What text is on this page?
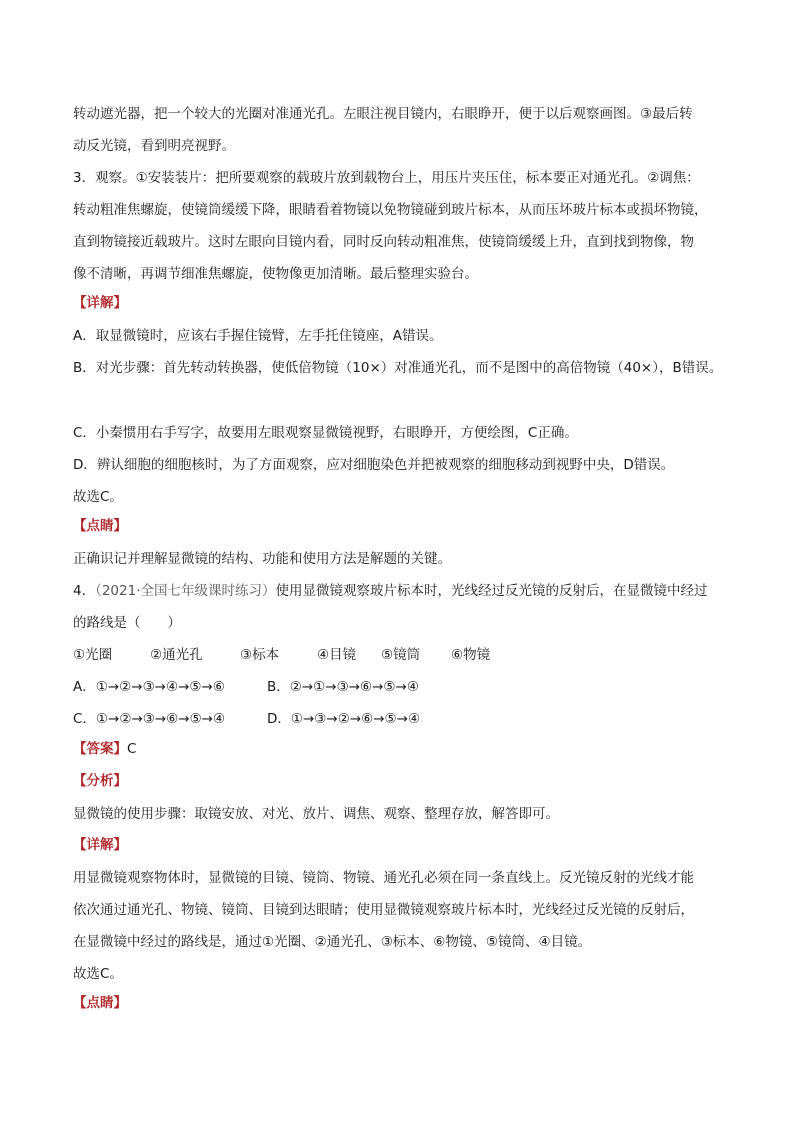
转动遮光器，把一个较大的光圈对准通光孔。左眼注视目镜内，右眼睁开，便于以后观察画图。③最后转
动反光镜，看到明亮视野。
3．观察。①安装装片：把所要观察的载玻片放到载物台上，用压片夹压住，标本要正对通光孔。②调焦：
转动粗准焦螺旋，使镜筒缓缓下降，眼睛看着物镜以免物镜碰到玻片标本，从而压坏玻片标本或损坏物镜，
直到物镜接近载玻片。这时左眼向目镜内看，同时反向转动粗准焦，使镜筒缓缓上升，直到找到物像，物
像不清晰，再调节细准焦螺旋，使物像更加清晰。最后整理实验台。
【详解】
A．取显微镜时，应该右手握住镜臂，左手托住镜座，A错误。
B．对光步骤：首先转动转换器，使低倍物镜（10×）对准通光孔，而不是图中的高倍物镜（40×），B错误。
C．小秦惯用右手写字，故要用左眼观察显微镜视野，右眼睁开，方便绘图，C正确。
D．辨认细胞的细胞核时，为了方面观察，应对细胞染色并把被观察的细胞移动到视野中央，D错误。
故选C。
【点睛】
正确识记并理解显微镜的结构、功能和使用方法是解题的关键。
4．（2021·全国七年级课时练习）使用显微镜观察玻片标本时，光线经过反光镜的反射后，在显微镜中经过
的路线是（　　）
①光圈	②通光孔	③标本	④目镜 ⑤镜筒 ⑥物镜
A．①→②→③→④→⑤→⑥	B．②→①→③→⑥→⑤→④
C．①→②→③→⑥→⑤→④	D．①→③→②→⑥→⑤→④
【答案】C
【分析】
显微镜的使用步骤：取镜安放、对光、放片、调焦、观察、整理存放，解答即可。
【详解】
用显微镜观察物体时，显微镜的目镜、镜筒、物镜、通光孔必须在同一条直线上。反光镜反射的光线才能
依次通过通光孔、物镜、镜筒、目镜到达眼睛；使用显微镜观察玻片标本时，光线经过反光镜的反射后，
在显微镜中经过的路线是，通过①光圈、②通光孔、③标本、⑥物镜、⑤镜筒、④目镜。
故选C。
【点睛】
